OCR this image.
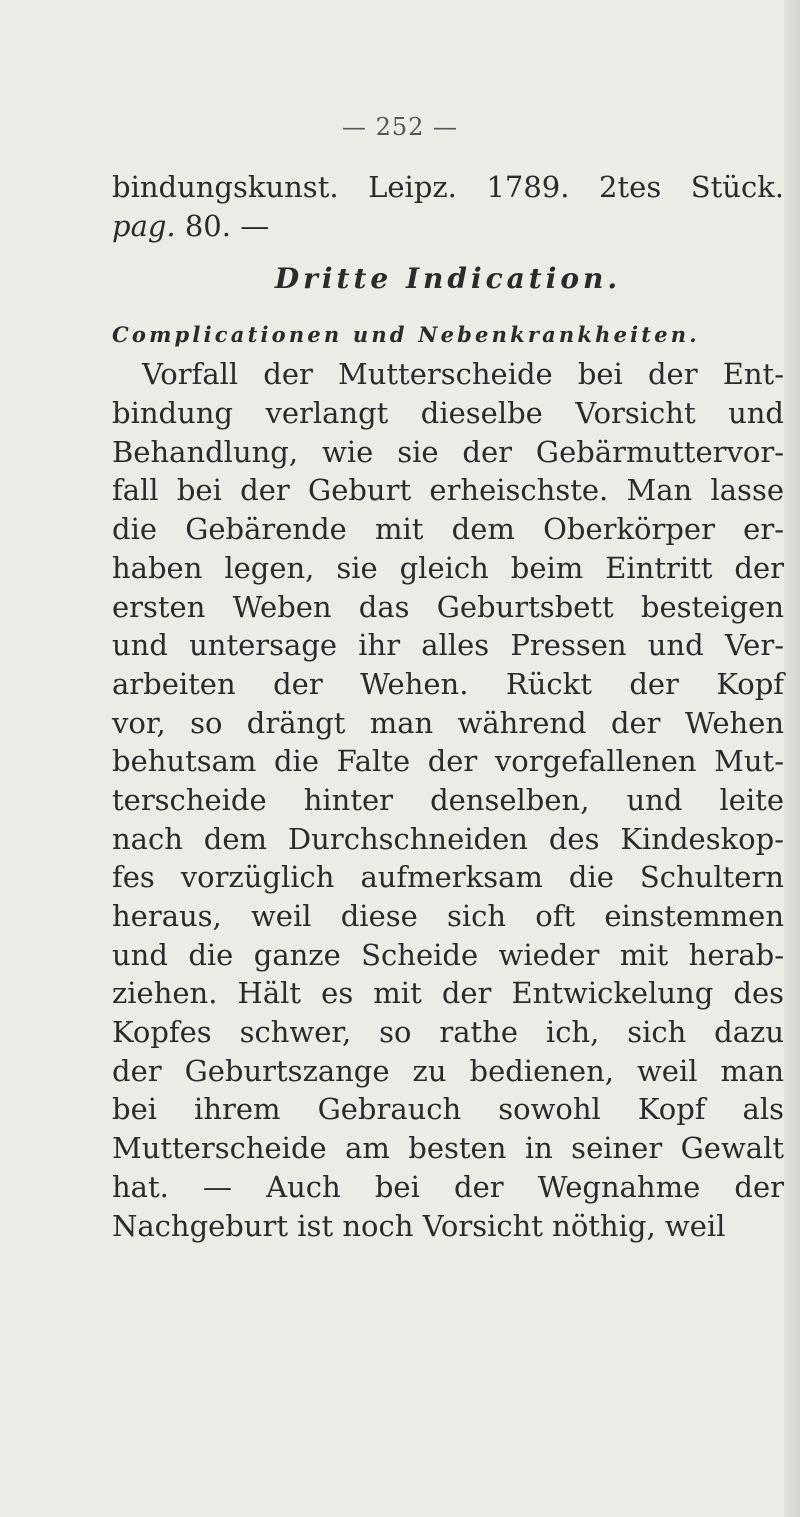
— 252 —
bindungskunst. Leipz. 1789. 2tes Stück.
pag. 80. —
Dritte Indication.
Complicationen und Nebenkrankheiten.
Vorfall der Mutterscheide bei der Ent-
bindung verlangt dieselbe Vorsicht und
Behandlung, wie sie der Gebärmuttervor-
fall bei der Geburt erheischste. Man lasse
die Gebärende mit dem Oberkörper er-
haben legen, sie gleich beim Eintritt der
ersten Weben das Geburtsbett besteigen
und untersage ihr alles Pressen und Ver-
arbeiten der Wehen. Rückt der Kopf
vor, so drängt man während der Wehen
behutsam die Falte der vorgefallenen Mut-
terscheide hinter denselben, und leite
nach dem Durchschneiden des Kindeskop-
fes vorzüglich aufmerksam die Schultern
heraus, weil diese sich oft einstemmen
und die ganze Scheide wieder mit herab-
ziehen. Hält es mit der Entwickelung des
Kopfes schwer, so rathe ich, sich dazu
der Geburtszange zu bedienen, weil man
bei ihrem Gebrauch sowohl Kopf als
Mutterscheide am besten in seiner Gewalt
hat. — Auch bei der Wegnahme der
Nachgeburt ist noch Vorsicht nöthig, weil
